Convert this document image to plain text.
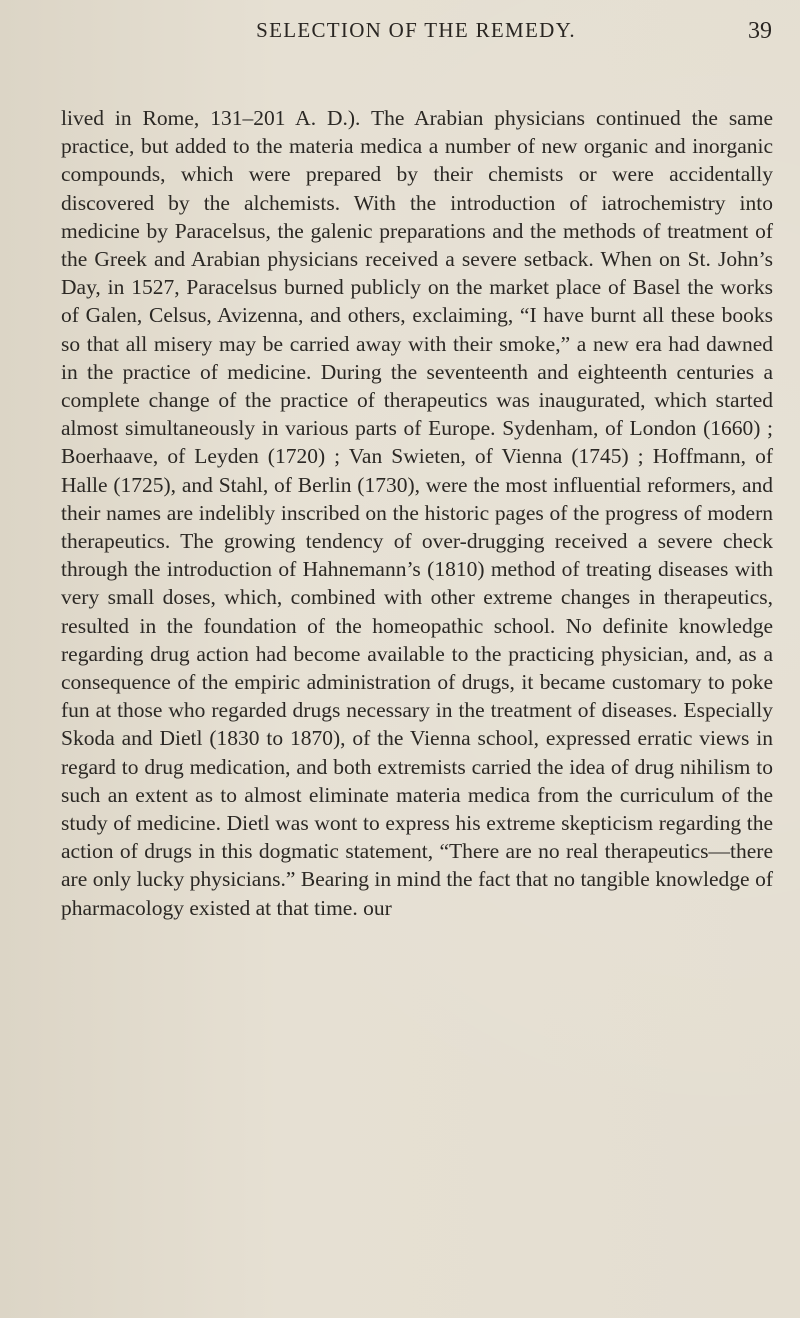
SELECTION OF THE REMEDY.	39

lived in Rome, 131–201 A. D.). The Arabian physicians continued the same practice, but added to the materia medica a number of new organic and inorganic compounds, which were prepared by their chemists or were accidentally discovered by the alchemists. With the introduction of iatrochemistry into medicine by Paracelsus, the galenic preparations and the methods of treatment of the Greek and Arabian physicians received a severe setback. When on St. John’s Day, in 1527, Paracelsus burned publicly on the market place of Basel the works of Galen, Celsus, Avizenna, and others, exclaiming, “I have burnt all these books so that all misery may be carried away with their smoke,” a new era had dawned in the practice of medicine. During the seventeenth and eighteenth centuries a complete change of the practice of therapeutics was inaugurated, which started almost simultaneously in various parts of Europe. Sydenham, of London (1660) ; Boerhaave, of Leyden (1720) ; Van Swieten, of Vienna (1745) ; Hoffmann, of Halle (1725), and Stahl, of Berlin (1730), were the most influential reformers, and their names are indelibly inscribed on the historic pages of the progress of modern therapeutics. The growing tendency of over-drugging received a severe check through the introduction of Hahnemann’s (1810) method of treating diseases with very small doses, which, combined with other extreme changes in therapeutics, resulted in the foundation of the homeopathic school. No definite knowledge regarding drug action had become available to the practicing physician, and, as a consequence of the empiric administration of drugs, it became customary to poke fun at those who regarded drugs necessary in the treatment of diseases. Especially Skoda and Dietl (1830 to 1870), of the Vienna school, expressed erratic views in regard to drug medication, and both extremists carried the idea of drug nihilism to such an extent as to almost eliminate materia medica from the curriculum of the study of medicine. Dietl was wont to express his extreme skepticism regarding the action of drugs in this dogmatic statement, “There are no real therapeutics—there are only lucky physicians.” Bearing in mind the fact that no tangible knowledge of pharmacology existed at that time. our
